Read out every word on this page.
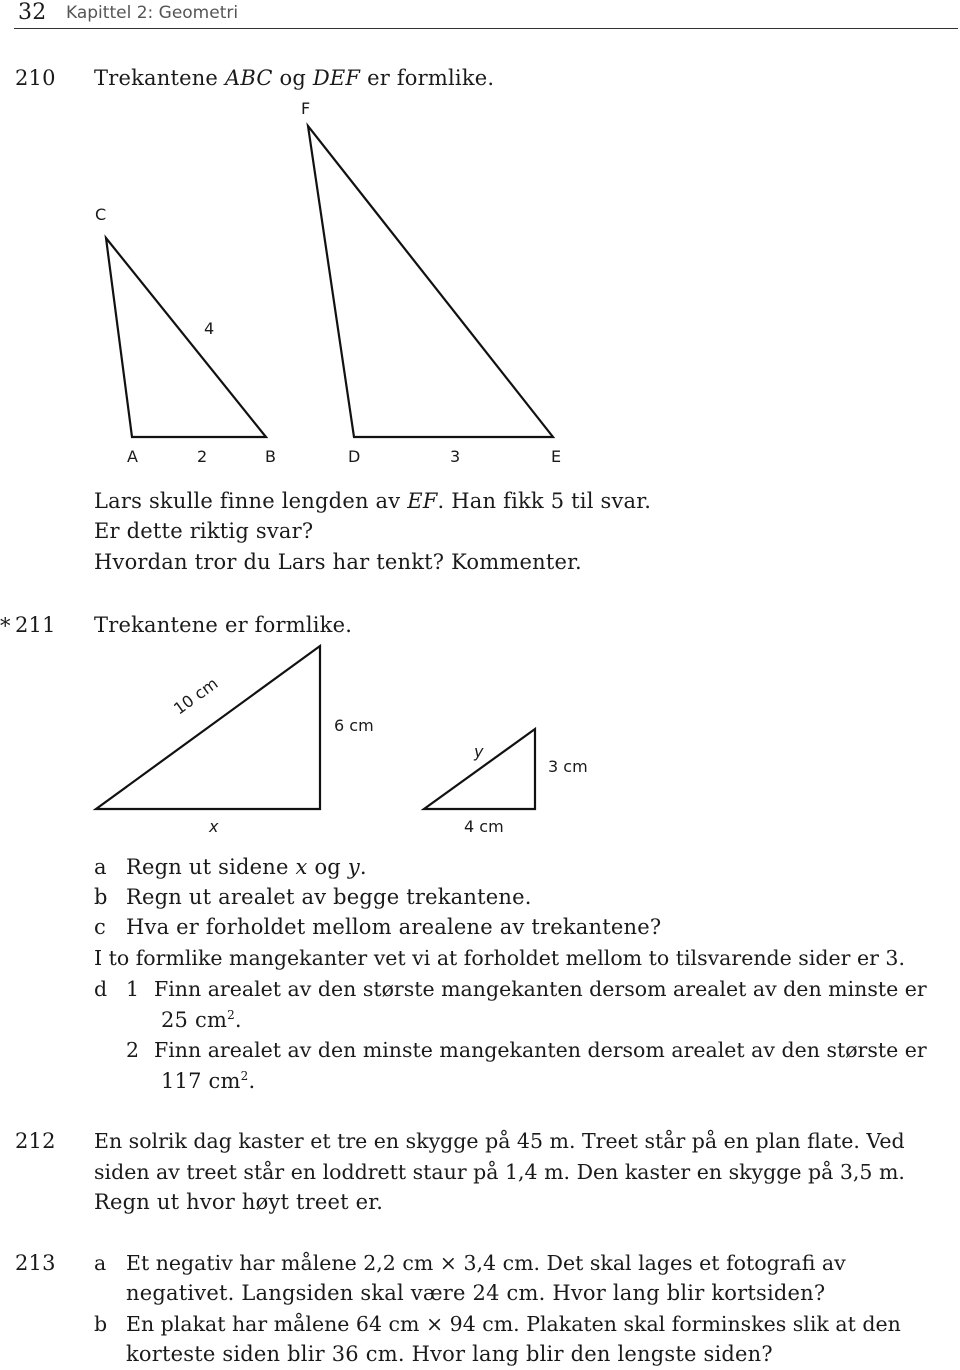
32 Kapittel 2: Geometri
210 Trekantene ABC og DEF er formlike.
C
F
4
A	2	B	D	3	E
Lars skulle finne lengden av EF. Han fikk 5 til svar.
Er dette riktig svar?
Hvordan tror du Lars har tenkt? Kommenter.
* 211 Trekantene er formlike.
10 cm
6 cm
x
y
3 cm
4 cm
a Regn ut sidene x og y.
b Regn ut arealet av begge trekantene.
c Hva er forholdet mellom arealene av trekantene?
I to formlike mangekanter vet vi at forholdet mellom to tilsvarende sider er 3.
d 1 Finn arealet av den største mangekanten dersom arealet av den minste er
25 $cm^2$.
2 Finn arealet av den minste mangekanten dersom arealet av den største er
117 $cm^2$.
212 En solrik dag kaster et tre en skygge på 45 m. Treet står på en plan flate. Ved
siden av treet står en loddrett staur på 1,4 m. Den kaster en skygge på 3,5 m.
Regn ut hvor høyt treet er.
213 a Et negativ har målene 2,2 cm × 3,4 cm. Det skal lages et fotografi av
negativet. Langsiden skal være 24 cm. Hvor lang blir kortsiden?
b En plakat har målene 64 cm × 94 cm. Plakaten skal forminskes slik at den
korteste siden blir 36 cm. Hvor lang blir den lengste siden?
